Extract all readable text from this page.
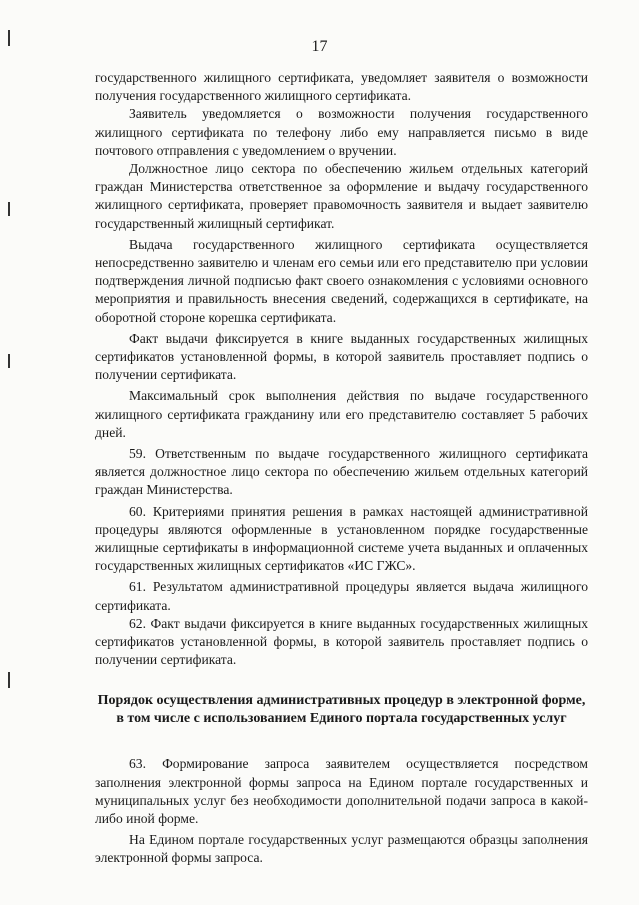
17

государственного жилищного сертификата, уведомляет заявителя о возможности получения государственного жилищного сертификата.

Заявитель уведомляется о возможности получения государственного жилищного сертификата по телефону либо ему направляется письмо в виде почтового отправления с уведомлением о вручении.

Должностное лицо сектора по обеспечению жильем отдельных категорий граждан Министерства ответственное за оформление и выдачу государственного жилищного сертификата, проверяет правомочность заявителя и выдает заявителю государственный жилищный сертификат.

Выдача государственного жилищного сертификата осуществляется непосредственно заявителю и членам его семьи или его представителю при условии подтверждения личной подписью факт своего ознакомления с условиями основного мероприятия и правильность внесения сведений, содержащихся в сертификате, на оборотной стороне корешка сертификата.

Факт выдачи фиксируется в книге выданных государственных жилищных сертификатов установленной формы, в которой заявитель проставляет подпись о получении сертификата.

Максимальный срок выполнения действия по выдаче государственного жилищного сертификата гражданину или его представителю составляет 5 рабочих дней.

59. Ответственным по выдаче государственного жилищного сертификата является должностное лицо сектора по обеспечению жильем отдельных категорий граждан Министерства.

60. Критериями принятия решения в рамках настоящей административной процедуры являются оформленные в установленном порядке государственные жилищные сертификаты в информационной системе учета выданных и оплаченных государственных жилищных сертификатов «ИС ГЖС».

61. Результатом административной процедуры является выдача жилищного сертификата.

62. Факт выдачи фиксируется в книге выданных государственных жилищных сертификатов установленной формы, в которой заявитель проставляет подпись о получении сертификата.

Порядок осуществления административных процедур в электронной форме, в том числе с использованием Единого портала государственных услуг

63. Формирование запроса заявителем осуществляется посредством заполнения электронной формы запроса на Едином портале государственных и муниципальных услуг без необходимости дополнительной подачи запроса в какой-либо иной форме.

На Едином портале государственных услуг размещаются образцы заполнения электронной формы запроса.
